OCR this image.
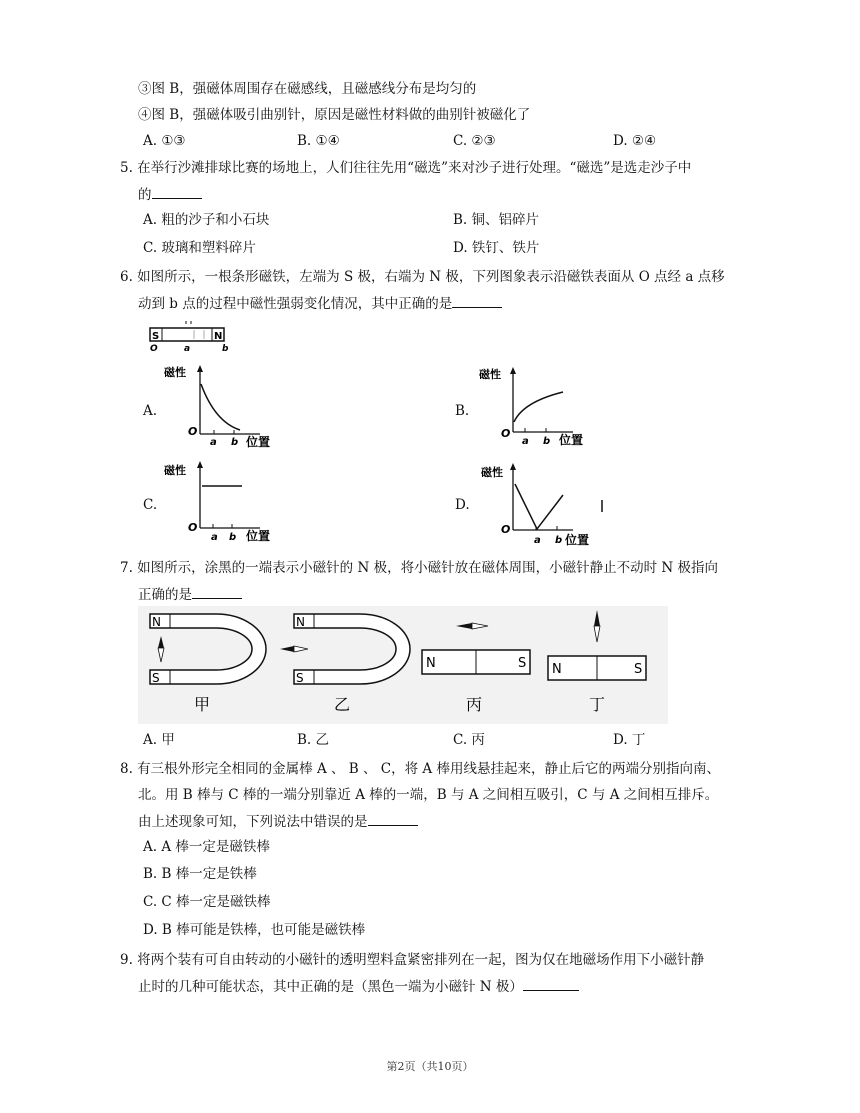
③图 B，强磁体周围存在磁感线，且磁感线分布是均匀的
④图 B，强磁体吸引曲别针，原因是磁性材料做的曲别针被磁化了
A. ①③	B. ①④	C. ②③	D. ②④
5. 在举行沙滩排球比赛的场地上，人们往往先用“磁选”来对沙子进行处理。“磁选”是选走沙子中
的
A. 粗的沙子和小石块	B. 铜、铝碎片
C. 玻璃和塑料碎片	D. 铁钉、铁片
6. 如图所示，一根条形磁铁，左端为 S 极，右端为 N 极，下列图象表示沿磁铁表面从 O 点经 a 点移
动到 b 点的过程中磁性强弱变化情况，其中正确的是
S	N
O	a	b
A.
磁性
O
a b 位置
B.
磁性
O
a b 位置
C.
磁性
O
a b 位置
D.
磁性
O
a b 位置
7. 如图所示，涂黑的一端表示小磁针的 N 极，将小磁针放在磁体周围，小磁针静止不动时 N 极指向
正确的是
N
S
N
S
N	S N	S
甲	乙	丙	丁
A. 甲	B. 乙	C. 丙	D. 丁
8. 有三根外形完全相同的金属棒 A 、 B 、 C，将 A 棒用线悬挂起来，静止后它的两端分别指向南、
北。用 B 棒与 C 棒的一端分别靠近 A 棒的一端，B 与 A 之间相互吸引，C 与 A 之间相互排斥。
由上述现象可知，下列说法中错误的是
A. A 棒一定是磁铁棒
B. B 棒一定是铁棒
C. C 棒一定是磁铁棒
D. B 棒可能是铁棒，也可能是磁铁棒
9. 将两个装有可自由转动的小磁针的透明塑料盒紧密排列在一起，图为仅在地磁场作用下小磁针静
止时的几种可能状态，其中正确的是（黑色一端为小磁针 N 极）
第2页（共10页）
